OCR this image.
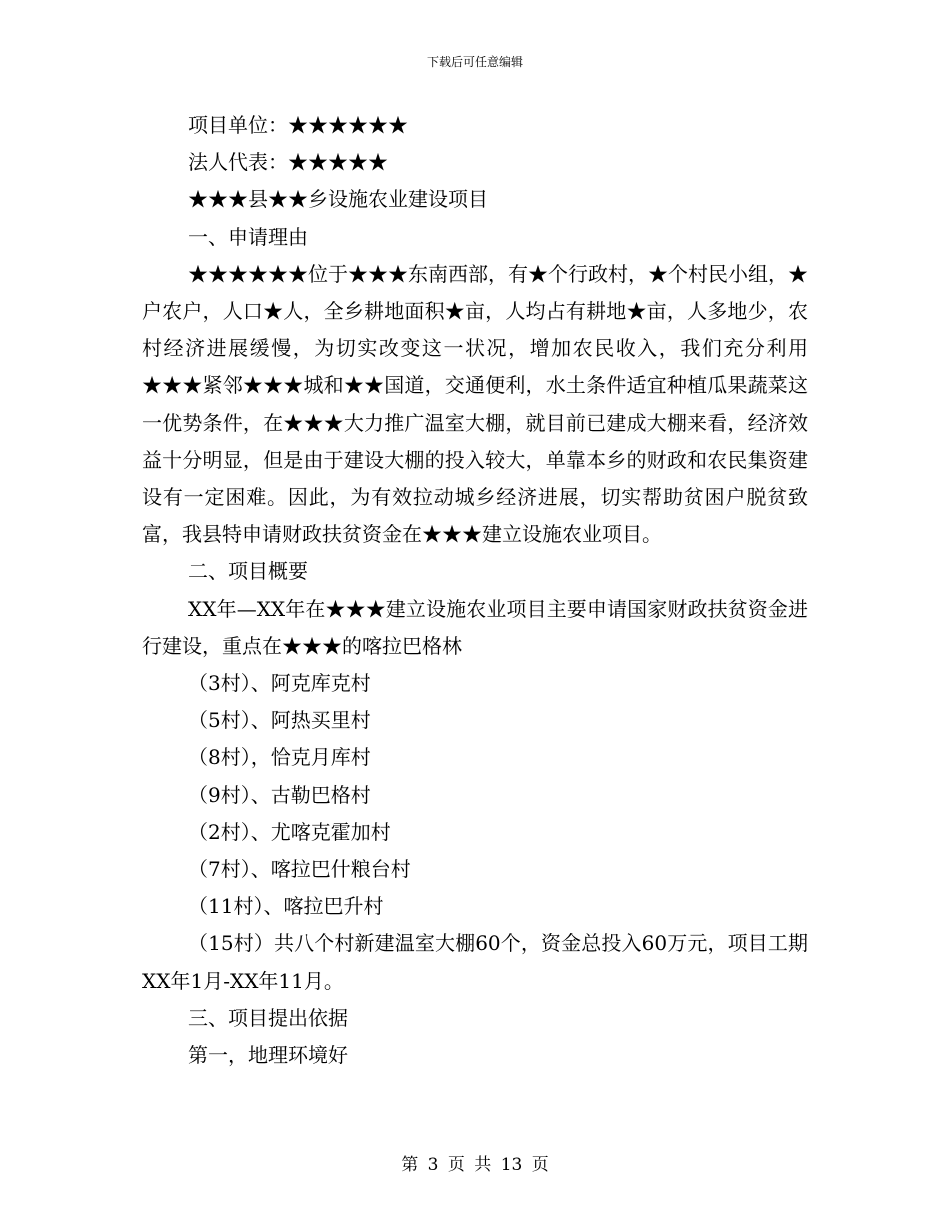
下载后可任意编辑

项目单位：★★★★★★

法人代表：★★★★★

★★★县★★乡设施农业建设项目

一、申请理由

★★★★★★位于★★★东南西部，有★个行政村，★个村民小组，★户农户，人口★人，全乡耕地面积★亩，人均占有耕地★亩，人多地少，农村经济进展缓慢，为切实改变这一状况，增加农民收入，我们充分利用★★★紧邻★★★城和★★国道，交通便利，水土条件适宜种植瓜果蔬菜这一优势条件，在★★★大力推广温室大棚，就目前已建成大棚来看，经济效益十分明显，但是由于建设大棚的投入较大，单靠本乡的财政和农民集资建设有一定困难。因此，为有效拉动城乡经济进展，切实帮助贫困户脱贫致富，我县特申请财政扶贫资金在★★★建立设施农业项目。

二、项目概要

XX年—XX年在★★★建立设施农业项目主要申请国家财政扶贫资金进行建设，重点在★★★的喀拉巴格林

（3村）、阿克库克村

（5村）、阿热买里村

（8村），恰克月库村

（9村）、古勒巴格村

（2村）、尤喀克霍加村

（7村）、喀拉巴什粮台村

（11村）、喀拉巴升村

（15村）共八个村新建温室大棚60个，资金总投入60万元，项目工期XX年1月-XX年11月。

三、项目提出依据

第一，地理环境好

第 3 页 共 13 页
